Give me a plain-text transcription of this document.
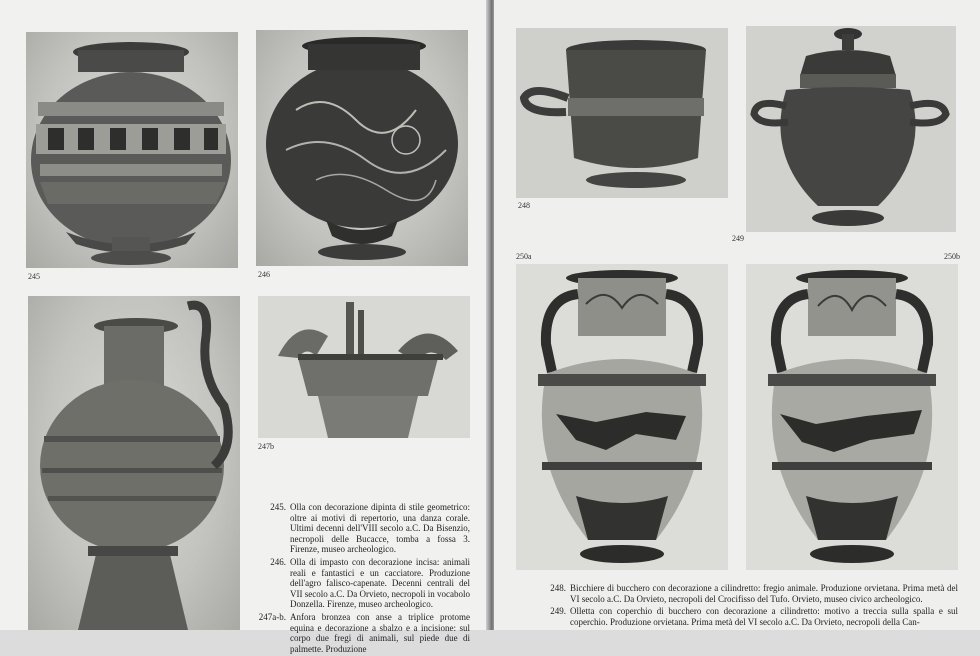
245	246
247b
245. Olla con decorazione dipinta di stile geometrico: oltre ai motivi di repertorio, una danza corale. Ultimi decenni dell'VIII secolo a.C. Da Bisenzio, necropoli delle Bucacce, tomba a fossa 3. Firenze, museo archeologico.
246. Olla di impasto con decorazione incisa: animali reali e fantastici e un cacciatore. Produzione dell'agro falisco-capenate. Decenni centrali del VII secolo a.C. Da Orvieto, necropoli in vocabolo Donzella. Firenze, museo archeologico.
247a-b. Anfora bronzea con anse a triplice protome equina e decorazione a sbalzo e a incisione: sul corpo due fregi di animali, sul piede due di palmette. Produzione
248
249
250a	250b
248. Bicchiere di bucchero con decorazione a cilindretto: fregio animale. Produzione orvietana. Prima metà del VI secolo a.C. Da Orvieto, necropoli del Crocifisso del Tufo. Orvieto, museo civico archeologico.
249. Olletta con coperchio di bucchero con decorazione a cilindretto: motivo a treccia sulla spalla e sul coperchio. Produzione orvietana. Prima metà del VI secolo a.C. Da Orvieto, necropoli della Can-
